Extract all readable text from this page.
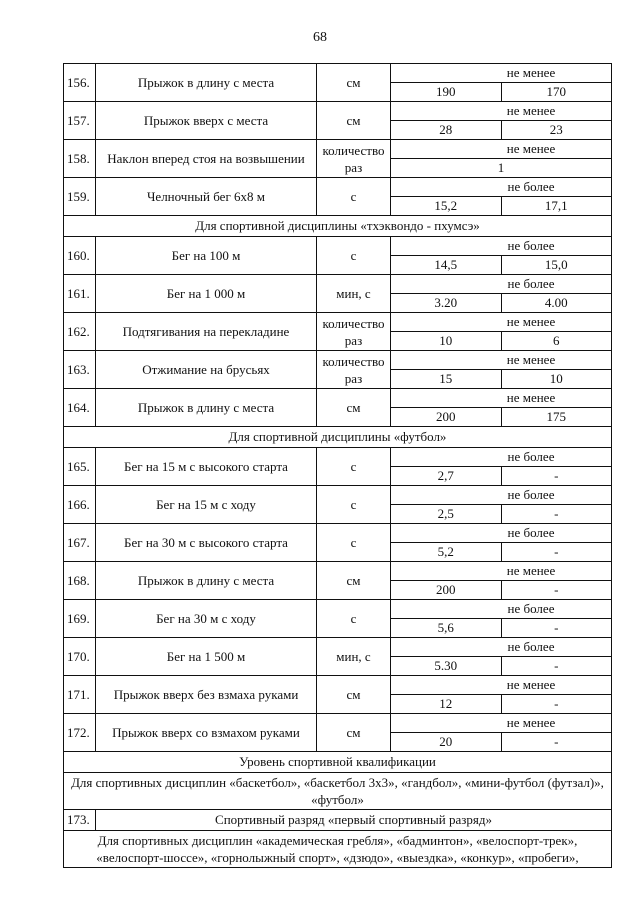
68
156.	Прыжок в длину с места	см	не менее
190 170

157.	Прыжок вверх с места	см	не менее
28 23

158.	Наклон вперед стоя на возвышении	количество раз	не менее
1

159.	Челночный бег 6х8 м	с	не более
15,2 17,1

Для спортивной дисциплины «тхэквондо - пхумсэ»			
160.	Бег на 100 м	с	не более
14,5 15,0

161.	Бег на 1 000 м	мин, с	не более
3.20 4.00

162.	Подтягивания на перекладине	количество раз	не менее
10 6

163.	Отжимание на брусьях	количество раз	не менее
15 10

164.	Прыжок в длину с места	см	не менее
200 175

Для спортивной дисциплины «футбол»			
165.	Бег на 15 м с высокого старта	с	не более
2,7 -

166.	Бег на 15 м с ходу	с	не более
2,5 -

167.	Бег на 30 м с высокого старта	с	не более
5,2 -

168.	Прыжок в длину с места	см	не менее
200 -

169.	Бег на 30 м с ходу	с	не более
5,6 -

170.	Бег на 1 500 м	мин, с	не более
5.30 -

171.	Прыжок вверх без взмаха руками	см	не менее
12 -

172.	Прыжок вверх со взмахом руками	см	не менее
20 -

Уровень спортивной квалификации			
Для спортивных дисциплин «баскетбол», «баскетбол 3х3», «гандбол», «мини-футбол (футзал)», «футбол»			
173.	Спортивный разряд «первый спортивный разряд»		
Для спортивных дисциплин «академическая гребля», «бадминтон», «велоспорт-трек», «велоспорт-шоссе», «горнолыжный спорт», «дзюдо», «выездка», «конкур», «пробеги»,			
